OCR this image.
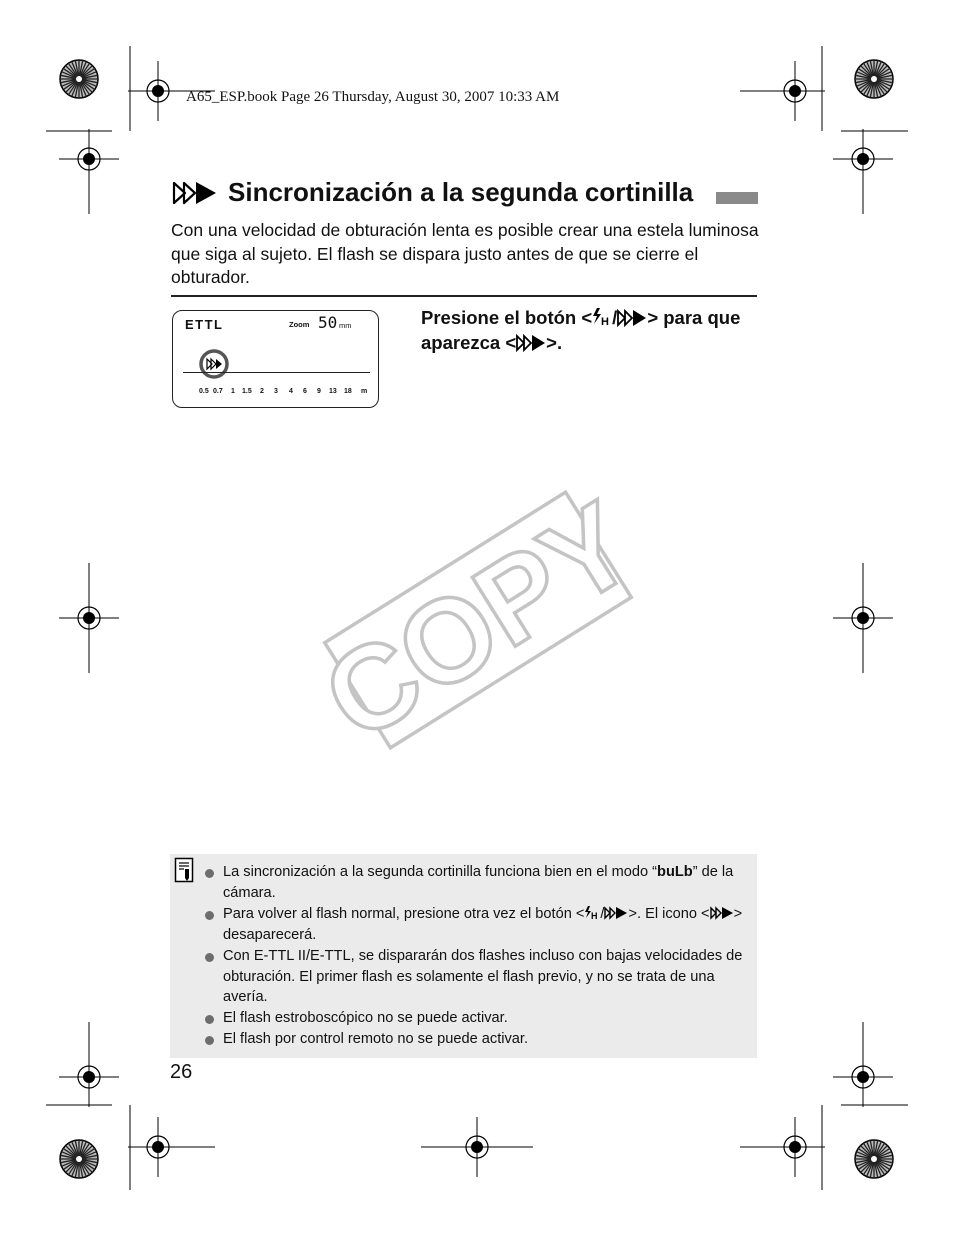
A65_ESP.book Page 26 Thursday, August 30, 2007 10:33 AM
Sincronización a la segunda cortinilla
Con una velocidad de obturación lenta es posible crear una estela luminosa que siga al sujeto. El flash se dispara justo antes de que se cierre el obturador.
ETTL	Zoom 50 mm
0.5 0.7 1 1.5 2 3 4 6 9 13 18 m
Presione el botón < H / > para que aparezca < >.
COPY
La sincronización a la segunda cortinilla funciona bien en el modo “buLb” de la cámara.
Para volver al flash normal, presione otra vez el botón < H / >. El icono < > desaparecerá.
Con E-TTL II/E-TTL, se dispararán dos flashes incluso con bajas velocidades de obturación. El primer flash es solamente el flash previo, y no se trata de una avería.
El flash estroboscópico no se puede activar.
El flash por control remoto no se puede activar.
26
